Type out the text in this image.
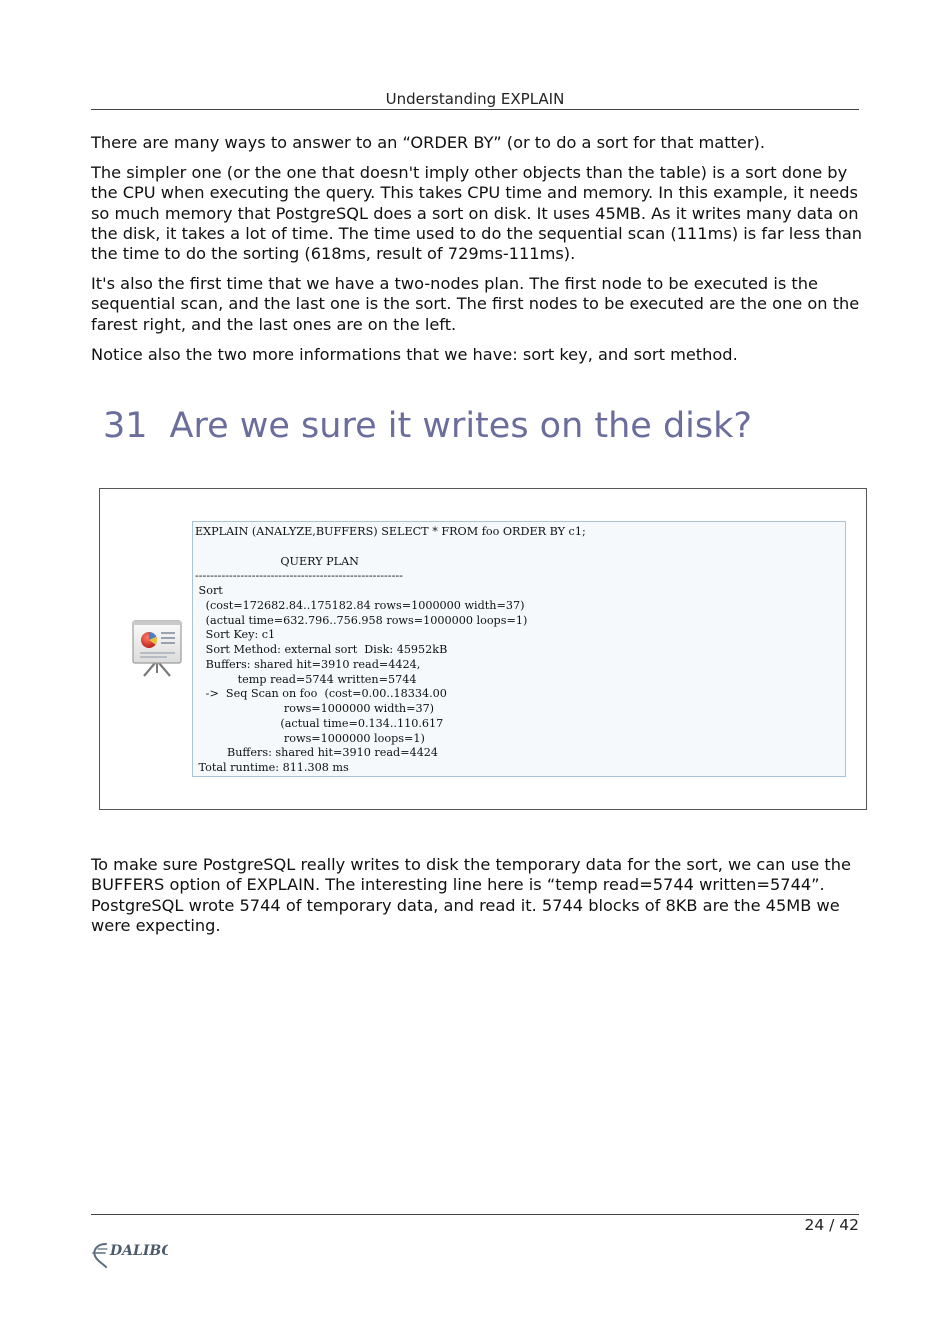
Understanding EXPLAIN

There are many ways to answer to an “ORDER BY” (or to do a sort for that matter).

The simpler one (or the one that doesn't imply other objects than the table) is a sort done by the CPU when executing the query. This takes CPU time and memory. In this example, it needs so much memory that PostgreSQL does a sort on disk. It uses 45MB. As it writes many data on the disk, it takes a lot of time. The time used to do the sequential scan (111ms) is far less than the time to do the sorting (618ms, result of 729ms-111ms).

It's also the first time that we have a two-nodes plan. The first node to be executed is the sequential scan, and the last one is the sort. The first nodes to be executed are the one on the farest right, and the last ones are on the left.

Notice also the two more informations that we have: sort key, and sort method.

31 Are we sure it writes on the disk?
EXPLAIN (ANALYZE,BUFFERS) SELECT * FROM foo ORDER BY c1;

QUERY PLAN
-------------------------------------------------------
Sort
(cost=172682.84..175182.84 rows=1000000 width=37)
(actual time=632.796..756.958 rows=1000000 loops=1)
Sort Key: c1
Sort Method: external sort  Disk: 45952kB
Buffers: shared hit=3910 read=4424,
temp read=5744 written=5744
->  Seq Scan on foo  (cost=0.00..18334.00
rows=1000000 width=37)
(actual time=0.134..110.617
rows=1000000 loops=1)
Buffers: shared hit=3910 read=4424
Total runtime: 811.308 ms

To make sure PostgreSQL really writes to disk the temporary data for the sort, we can use the BUFFERS option of EXPLAIN. The interesting line here is “temp read=5744 written=5744”. PostgreSQL wrote 5744 of temporary data, and read it. 5744 blocks of 8KB are the 45MB we were expecting.

24 / 42
DALIBO
